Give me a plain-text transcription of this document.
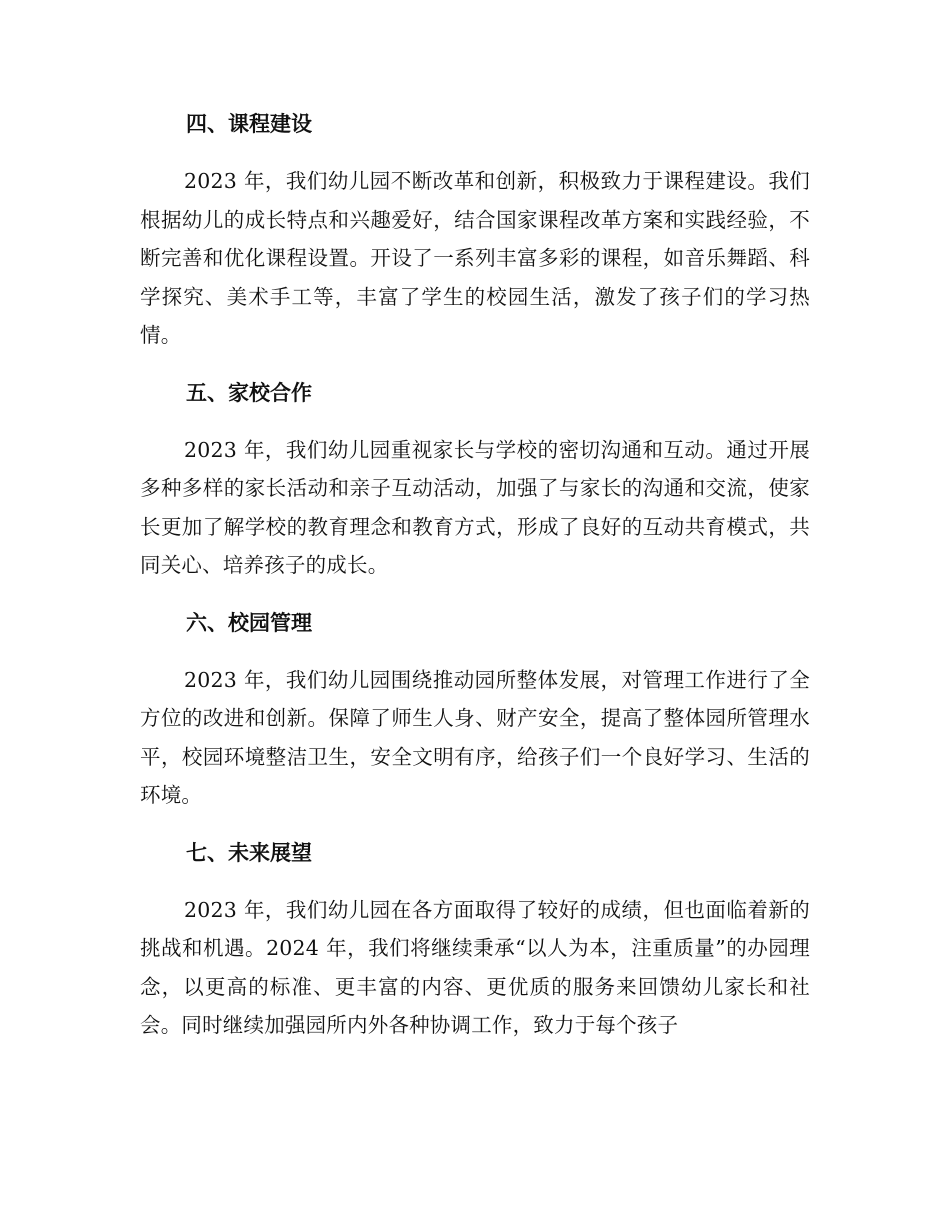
四、课程建设

2023 年，我们幼儿园不断改革和创新，积极致力于课程建设。我们根据幼儿的成长特点和兴趣爱好，结合国家课程改革方案和实践经验，不断完善和优化课程设置。开设了一系列丰富多彩的课程，如音乐舞蹈、科学探究、美术手工等，丰富了学生的校园生活，激发了孩子们的学习热情。

五、家校合作

2023 年，我们幼儿园重视家长与学校的密切沟通和互动。通过开展多种多样的家长活动和亲子互动活动，加强了与家长的沟通和交流，使家长更加了解学校的教育理念和教育方式，形成了良好的互动共育模式，共同关心、培养孩子的成长。

六、校园管理

2023 年，我们幼儿园围绕推动园所整体发展，对管理工作进行了全方位的改进和创新。保障了师生人身、财产安全，提高了整体园所管理水平，校园环境整洁卫生，安全文明有序，给孩子们一个良好学习、生活的环境。

七、未来展望

2023 年，我们幼儿园在各方面取得了较好的成绩，但也面临着新的挑战和机遇。2024 年，我们将继续秉承“以人为本，注重质量”的办园理念，以更高的标准、更丰富的内容、更优质的服务来回馈幼儿家长和社会。同时继续加强园所内外各种协调工作，致力于每个孩子
